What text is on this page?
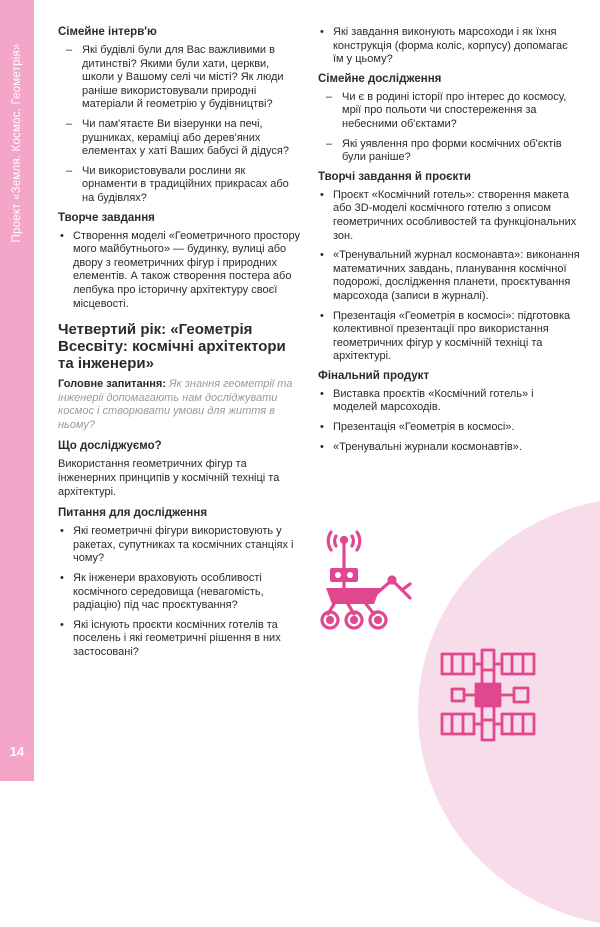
Проект «Земля. Космос. Геометрія»
14
Сімейне інтерв'ю
– Які будівлі були для Вас важливими в дитинстві? Якими були хати, церкви, школи у Вашому селі чи місті? Як люди раніше використовували природні матеріали й геометрію у будівництві?
– Чи пам'ятаєте Ви візерунки на печі, рушниках, кераміці або дерев'яних елементах у хаті Ваших бабусі й дідуся?
– Чи використовували рослини як орнаменти в традиційних прикрасах або на будівлях?
Творче завдання
• Створення моделі «Геометричного простору мого майбутнього» — будинку, вулиці або двору з геометричних фігур і природних елементів. А також створення постера або лепбука про історичну архітектуру своєї місцевості.
Четвертий рік: «Геометрія Всесвіту: космічні архітектори та інженери»
Головне запитання: Як знання геометрії та інженерії допомагають нам досліджувати космос і створювати умови для життя в ньому?
Що досліджуємо?

Використання геометричних фігур та інженерних принципів у космічній техніці та архітектурі.

Питання для дослідження
• Які геометричні фігури використовують у ракетах, супутниках та космічних станціях і чому?
• Як інженери враховують особливості космічного середовища (невагомість, радіацію) під час проєктування?
• Які існують проєкти космічних готелів та поселень і які геометричні рішення в них застосовані?
• Які завдання виконують марсоходи і як їхня конструкція (форма коліс, корпусу) допомагає їм у цьому?
Сімейне дослідження
– Чи є в родині історії про інтерес до космосу, мрії про польоти чи спостереження за небесними об'єктами?
– Які уявлення про форми космічних об'єктів були раніше?
Творчі завдання й проєкти
• Проєкт «Космічний готель»: створення макета або 3D-моделі космічного готелю з описом геометричних особливостей та функціональних зон.
• «Тренувальний журнал космонавта»: виконання математичних завдань, планування космічної подорожі, дослідження планети, проєктування марсохода (записи в журналі).
• Презентація «Геометрія в космосі»: підготовка колективної презентації про використання геометричних фігур у космічній техніці та архітектурі.
Фінальний продукт
• Виставка проєктів «Космічний готель» і моделей марсоходів.
• Презентація «Геометрія в космосі».
• «Тренувальні журнали космонавтів».
